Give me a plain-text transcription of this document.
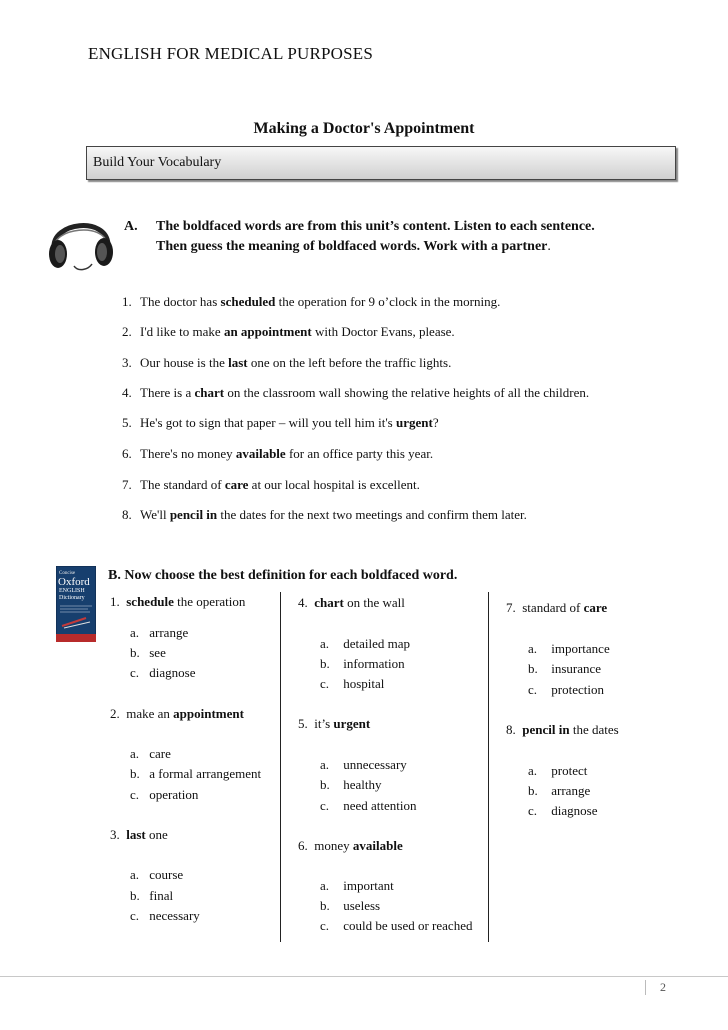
ENGLISH FOR MEDICAL PURPOSES
Making a Doctor's Appointment
Build Your Vocabulary
A. The boldfaced words are from this unit’s content. Listen to each sentence.
Then guess the meaning of boldfaced words. Work with a partner.
1. The doctor has scheduled the operation for 9 o’clock in the morning.
2. I'd like to make an appointment with Doctor Evans, please.
3. Our house is the last one on the left before the traffic lights.
4. There is a chart on the classroom wall showing the relative heights of all the children.
5. He's got to sign that paper – will you tell him it's urgent?
6. There's no money available for an office party this year.
7. The standard of care at our local hospital is excellent.
8. We'll pencil in the dates for the next two meetings and confirm them later.
Concise
Oxford
ENGLISH
Dictionary
B. Now choose the best definition for each boldfaced word.
1. schedule the operation
a. arrange
b. see
c. diagnose
2. make an appointment
a. care
b. a formal arrangement
c. operation
3. last one
a. course
b. final
c. necessary
4. chart on the wall
a. detailed map
b. information
c. hospital
5. it’s urgent
a. unnecessary
b. healthy
c. need attention
6. money available
a. important
b. useless
c. could be used or reached
7. standard of care
a. importance
b. insurance
c. protection
8. pencil in the dates
a. protect
b. arrange
c. diagnose
2
